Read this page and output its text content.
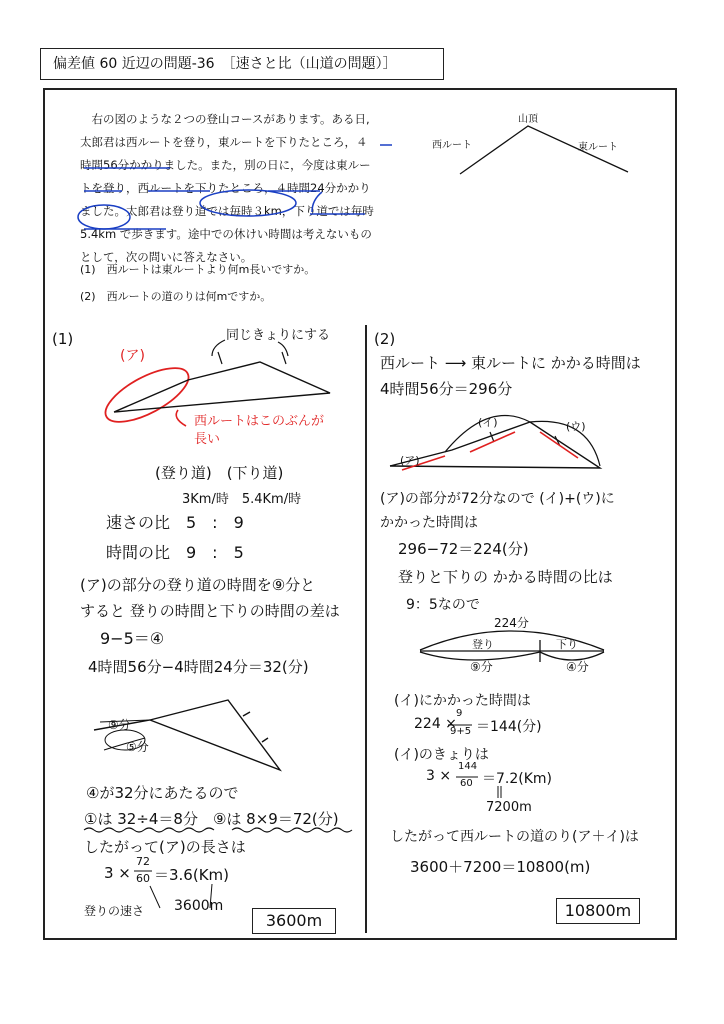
偏差値 60 近辺の問題-36　［速さと比（山道の問題）］
　右の図のような２つの登山コースがあります。ある日,
太郎君は西ルートを登り，東ルートを下りたところ，４
時間56分かかりました。また，別の日に，今度は東ルー
トを登り，西ルートを下りたところ，４時間24分かかり
ました。太郎君は登り道では毎時３km，下り道では毎時
5.4km で歩きます。途中での休けい時間は考えないもの
として，次の問いに答えなさい。
(1)　西ルートは東ルートより何m長いですか。
(2)　西ルートの道のりは何mですか。
山頂
西ルート	東ルート
(1)	同じきょりにする
(ア)
西ルートはこのぶんが
長い
(登り道)　(下り道)
3Km/時　5.4Km/時
速さの比　5　:　9
時間の比　9　:　5
(ア)の部分の登り道の時間を⑨分と
すると 登りの時間と下りの時間の差は
9−5＝④
4時間56分−4時間24分＝32(分)
⑨分
⑤分
④が32分にあたるので
①は 32÷4＝8分　⑨は 8×9＝72(分)
したがって(ア)の長さは
3 ×
72
60 ＝3.6(Km)
登りの速さ 3600m
3600m
(2)
西ルート ⟶ 東ルートに かかる時間は
4時間56分＝296分
(イ)	(ウ)
(ア)
(ア)の部分が72分なので (イ)+(ウ)に
かかった時間は
296−72＝224(分)
登りと下りの かかる時間の比は
9：5なので
224分
登り	下り
⑨分	④分
(イ)にかかった時間は
224 ×
9
9+5 ＝144(分)
(イ)のきょりは
3 ×
144
60 ＝7.2(Km)
7200m
したがって西ルートの道のり(ア＋イ)は
3600＋7200＝10800(m)
10800m
